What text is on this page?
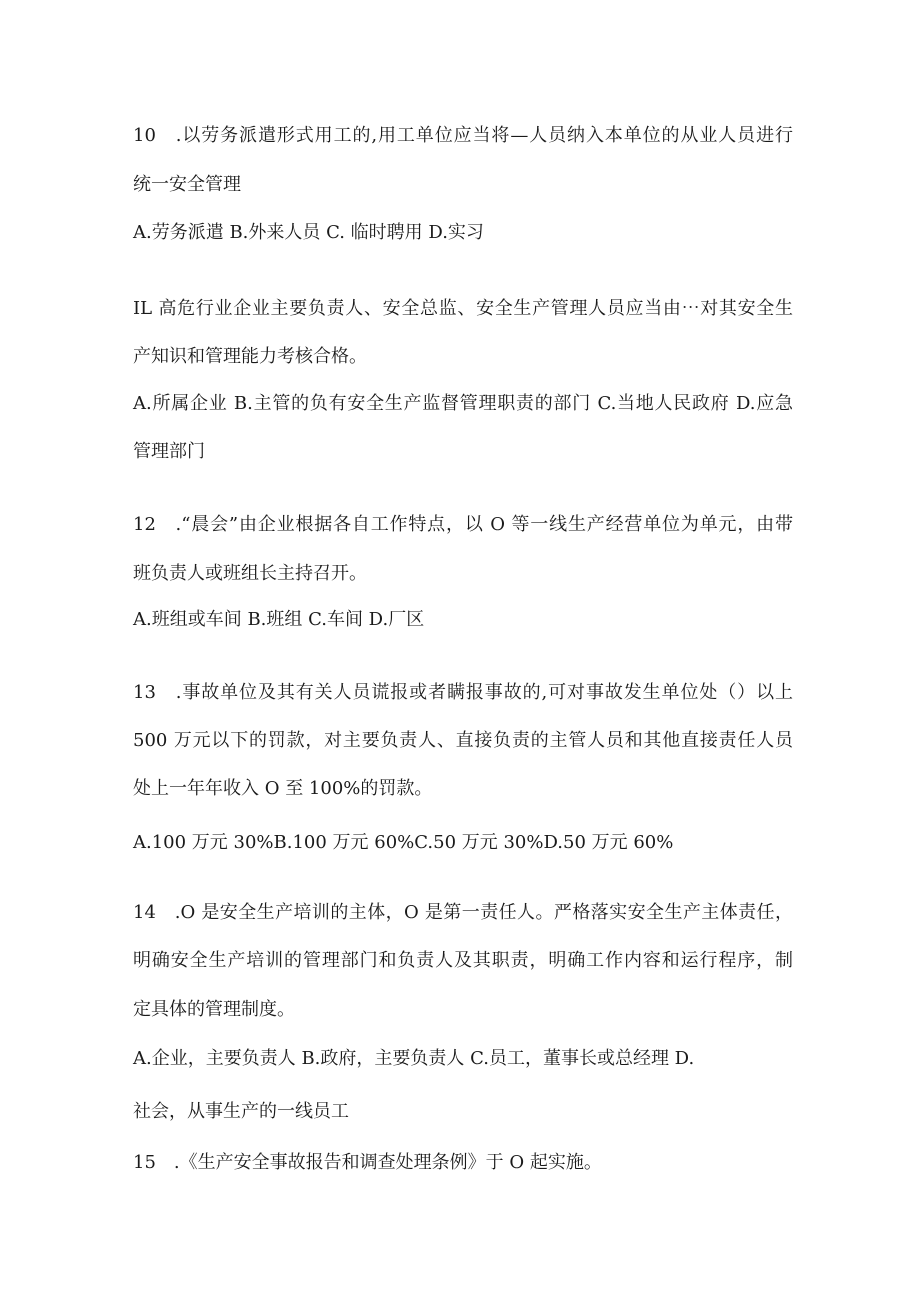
10　.以劳务派遣形式用工的,用工单位应当将—人员纳入本单位的从业人员进行
统一安全管理
A.劳务派遣 B.外来人员 C. 临时聘用 D.实习
IL 高危行业企业主要负责人、安全总监、安全生产管理人员应当由⋯对其安全生
产知识和管理能力考核合格。
A.所属企业 B.主管的负有安全生产监督管理职责的部门 C.当地人民政府 D.应急
管理部门
12　.“晨会”由企业根据各自工作特点，以 O 等一线生产经营单位为单元，由带
班负责人或班组长主持召开。
A.班组或车间 B.班组 C.车间 D.厂区
13　.事故单位及其有关人员谎报或者瞒报事故的,可对事故发生单位处（）以上
500 万元以下的罚款，对主要负责人、直接负责的主管人员和其他直接责任人员
处上一年年收入 O 至 100%的罚款。
A.100 万元 30%B.100 万元 60%C.50 万元 30%D.50 万元 60%
14　.O 是安全生产培训的主体，O 是第一责任人。严格落实安全生产主体责任，
明确安全生产培训的管理部门和负责人及其职责，明确工作内容和运行程序，制
定具体的管理制度。
A.企业，主要负责人 B.政府，主要负责人 C.员工，董事长或总经理 D.
社会，从事生产的一线员工
15　.《生产安全事故报告和调查处理条例》于 O 起实施。
